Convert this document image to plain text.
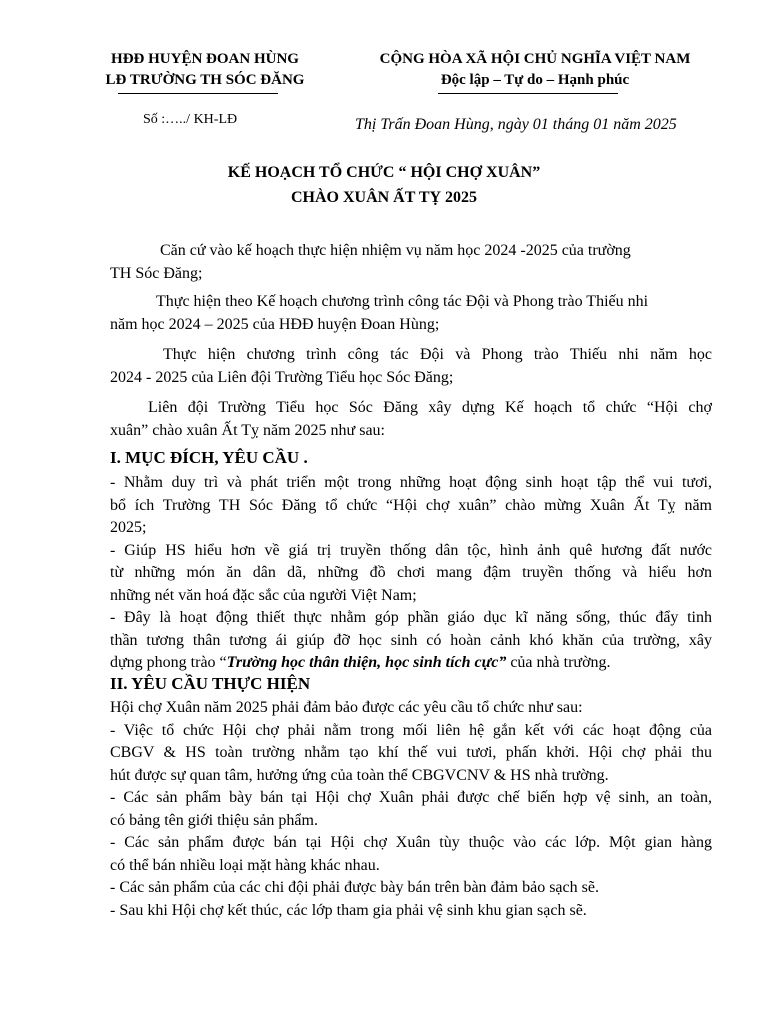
HĐĐ HUYỆN ĐOAN HÙNG
LĐ TRƯỜNG TH SÓC ĐĂNG
Số :…../ KH-LĐ
CỘNG HÒA XÃ HỘI CHỦ NGHĨA VIỆT NAM
Độc lập – Tự do – Hạnh phúc
Thị Trấn Đoan Hùng, ngày 01 tháng 01 năm 2025
KẾ HOẠCH TỔ CHỨC “ HỘI CHỢ XUÂN”
CHÀO XUÂN ẤT TỴ 2025
Căn cứ vào kế hoạch thực hiện nhiệm vụ năm học 2024 -2025 của trường
TH Sóc Đăng;
Thực hiện theo Kế hoạch chương trình công tác Đội và Phong trào Thiếu nhi
năm học 2024 – 2025 của HĐĐ huyện Đoan Hùng;
Thực hiện chương trình công tác Đội và Phong trào Thiếu nhi năm học
2024 - 2025 của Liên đội Trường Tiểu học Sóc Đăng;
Liên đội Trường Tiểu học Sóc Đăng xây dựng Kế hoạch tổ chức “Hội chợ
xuân” chào xuân Ất Tỵ năm 2025 như sau:
I. MỤC ĐÍCH, YÊU CẦU .
- Nhằm duy trì và phát triển một trong những hoạt động sinh hoạt tập thể vui tươi,
bổ ích Trường TH Sóc Đăng tổ chức “Hội chợ xuân” chào mừng Xuân Ất Tỵ năm
2025;
- Giúp HS hiểu hơn về giá trị truyền thống dân tộc, hình ảnh quê hương đất nước
từ những món ăn dân dã, những đồ chơi mang đậm truyền thống và hiểu hơn
những nét văn hoá đặc sắc của người Việt Nam;
- Đây là hoạt động thiết thực nhằm góp phần giáo dục kĩ năng sống, thúc đẩy tinh
thần tương thân tương ái giúp đỡ học sinh có hoàn cảnh khó khăn của trường, xây
dựng phong trào “Trường học thân thiện, học sinh tích cực” của nhà trường.
II. YÊU CẦU THỰC HIỆN
Hội chợ Xuân năm 2025 phải đảm bảo được các yêu cầu tổ chức như sau:
- Việc tổ chức Hội chợ phải nằm trong mối liên hệ gắn kết với các hoạt động của
CBGV & HS toàn trường nhằm tạo khí thế vui tươi, phấn khởi. Hội chợ phải thu
hút được sự quan tâm, hưởng ứng của toàn thể CBGVCNV & HS nhà trường.
- Các sản phẩm bày bán tại Hội chợ Xuân phải được chế biến hợp vệ sinh, an toàn,
có bảng tên giới thiệu sản phẩm.
- Các sản phẩm được bán tại Hội chợ Xuân tùy thuộc vào các lớp. Một gian hàng
có thể bán nhiều loại mặt hàng khác nhau.
- Các sản phẩm của các chi đội phải được bày bán trên bàn đảm bảo sạch sẽ.
- Sau khi Hội chợ kết thúc, các lớp tham gia phải vệ sinh khu gian sạch sẽ.
